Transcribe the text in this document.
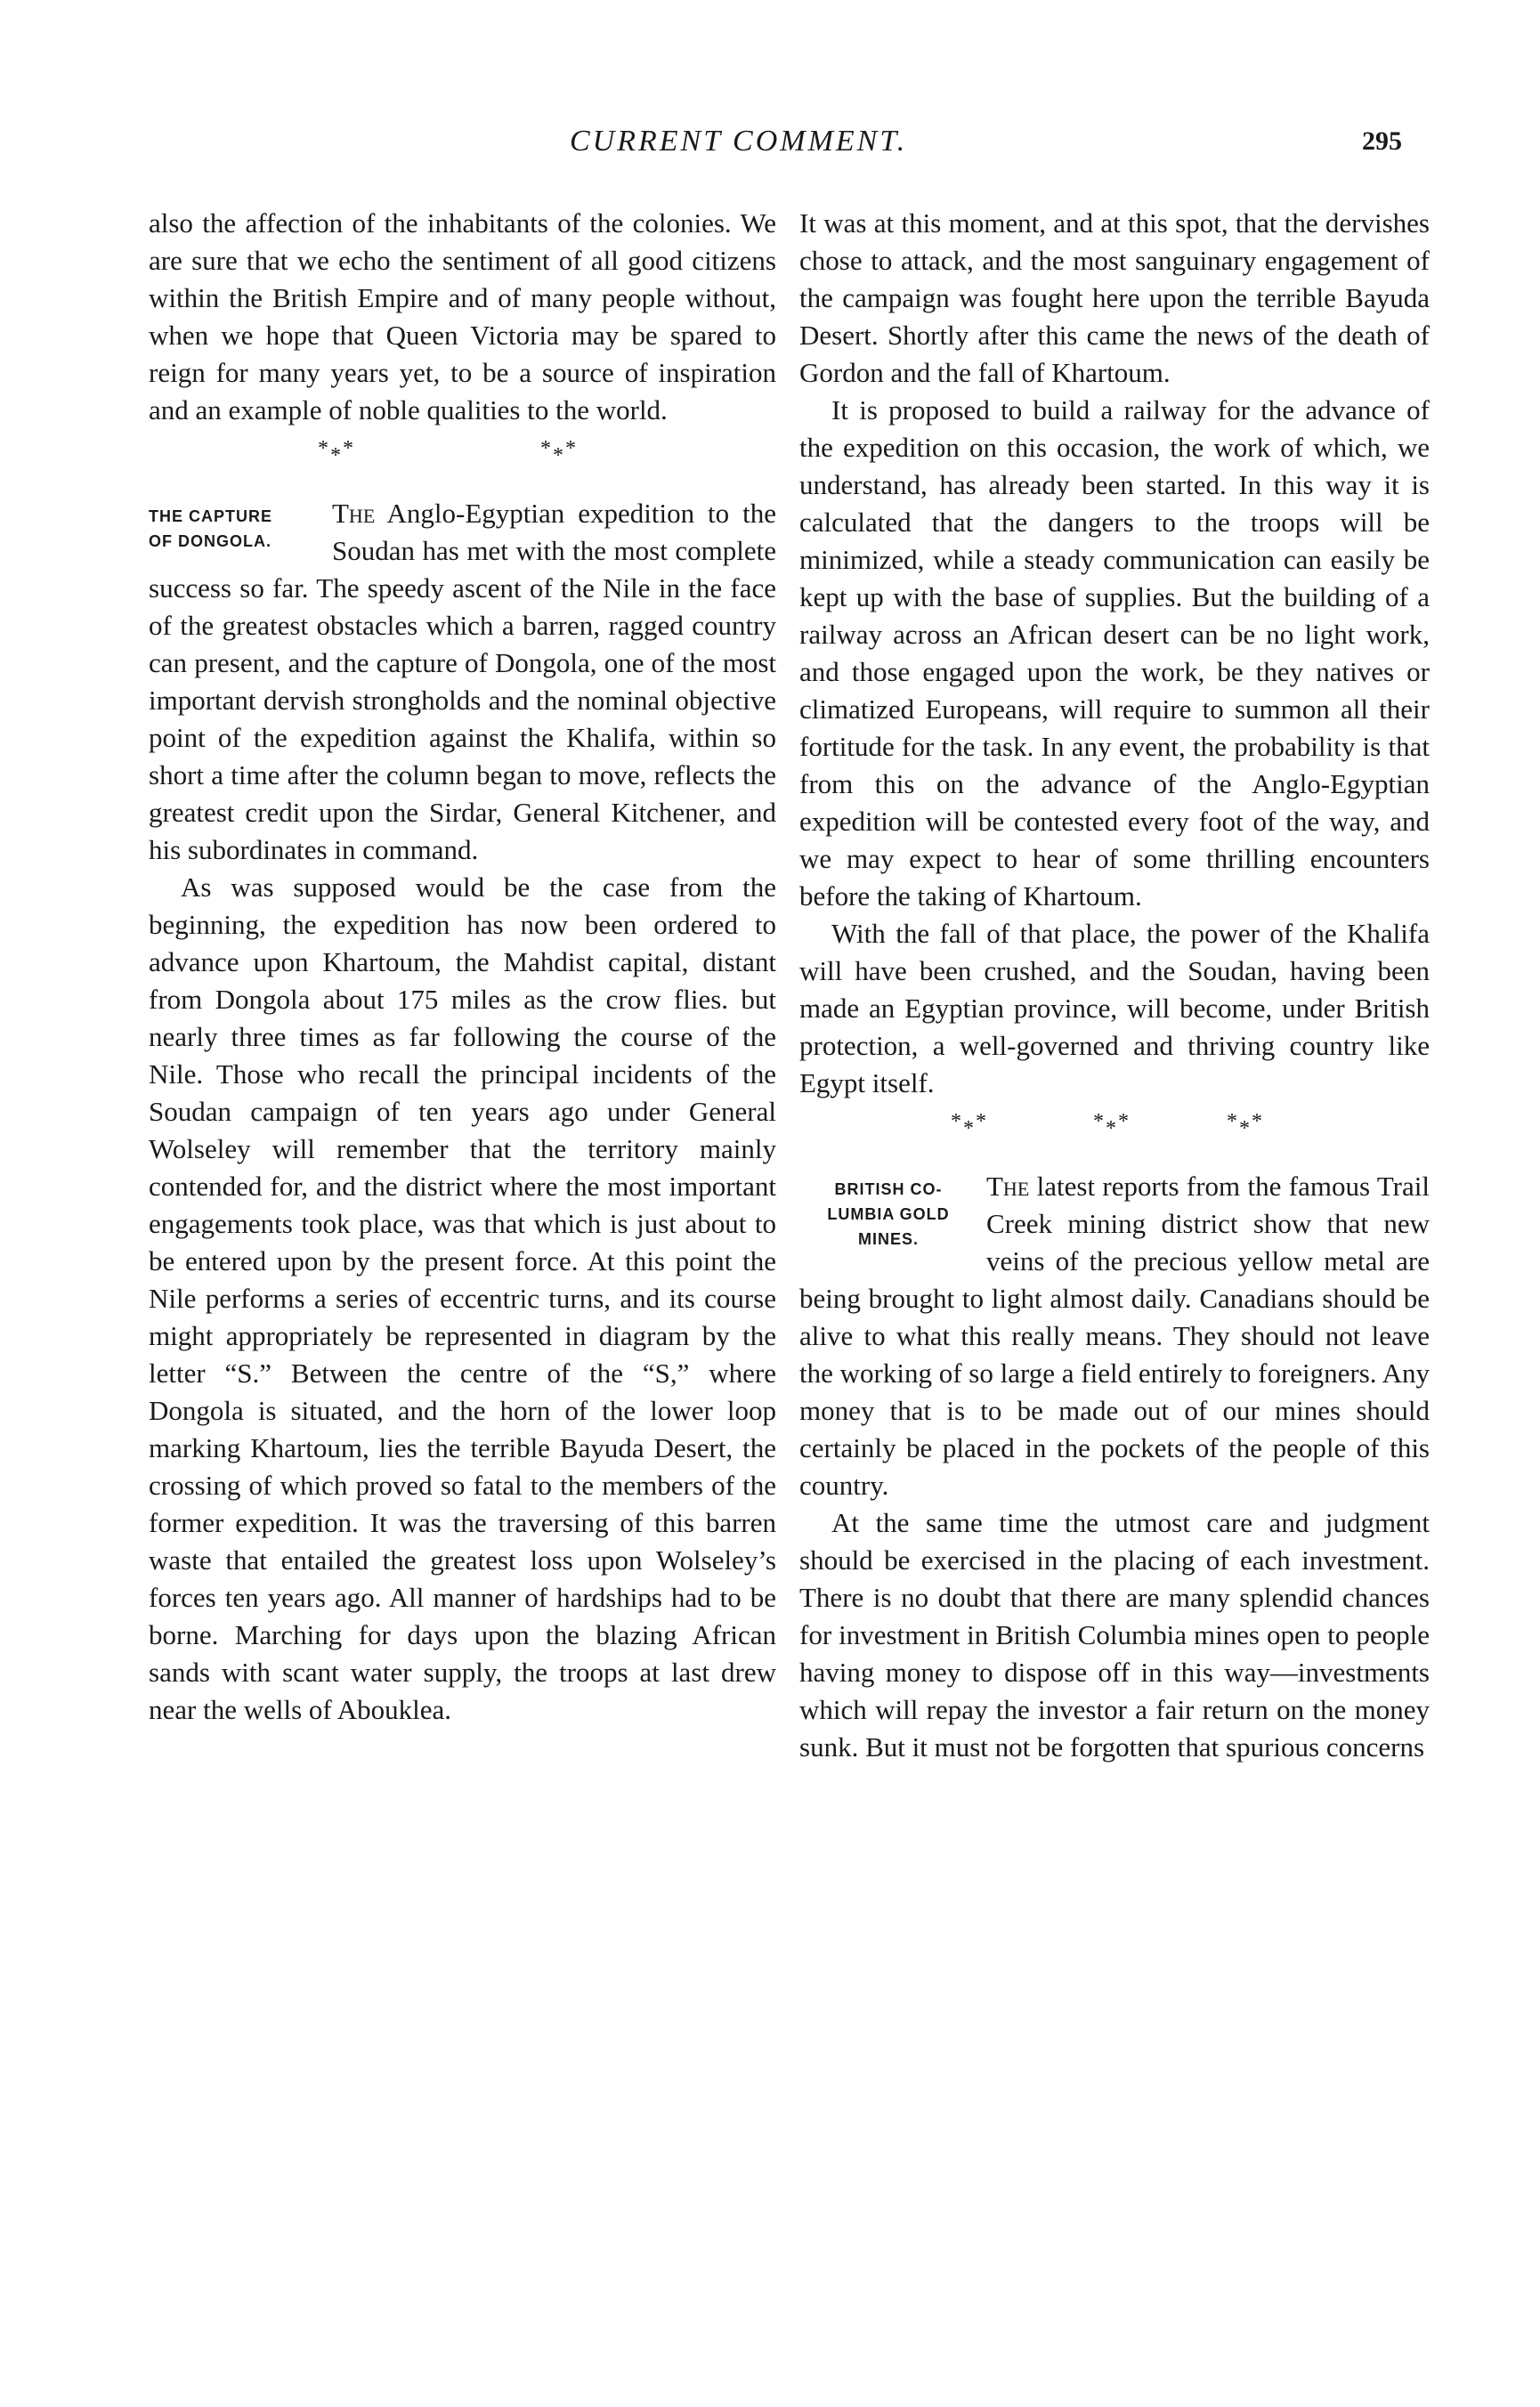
CURRENT COMMENT.	295

also the affection of the inhabitants of the colonies. We are sure that we echo the sentiment of all good citizens within the British Empire and of many people without, when we hope that Queen Victoria may be spared to reign for many years yet, to be a source of inspiration and an example of noble qualities to the world.

***	***
THE CAPTURE
OF DONGOLA.

The Anglo-Egyptian expedition to the Soudan has met with the most complete success so far. The speedy ascent of the Nile in the face of the greatest obstacles which a barren, ragged country can present, and the capture of Dongola, one of the most important dervish strongholds and the nominal objective point of the expedition against the Khalifa, within so short a time after the column began to move, reflects the greatest credit upon the Sirdar, General Kitchener, and his subordinates in command.

As was supposed would be the case from the beginning, the expedition has now been ordered to advance upon Khartoum, the Mahdist capital, distant from Dongola about 175 miles as the crow flies. but nearly three times as far following the course of the Nile. Those who recall the principal incidents of the Soudan campaign of ten years ago under General Wolseley will remember that the territory mainly contended for, and the district where the most important engagements took place, was that which is just about to be entered upon by the present force. At this point the Nile performs a series of eccentric turns, and its course might appropriately be represented in diagram by the letter “S.” Between the centre of the “S,” where Dongola is situated, and the horn of the lower loop marking Khartoum, lies the terrible Bayuda Desert, the crossing of which proved so fatal to the members of the former expedition. It was the traversing of this barren waste that entailed the greatest loss upon Wolseley’s forces ten years ago. All manner of hardships had to be borne. Marching for days upon the blazing African sands with scant water supply, the troops at last drew near the wells of Abouklea.

It was at this moment, and at this spot, that the dervishes chose to attack, and the most sanguinary engagement of the campaign was fought here upon the terrible Bayuda Desert. Shortly after this came the news of the death of Gordon and the fall of Khartoum.

It is proposed to build a railway for the advance of the expedition on this occasion, the work of which, we understand, has already been started. In this way it is calculated that the dangers to the troops will be minimized, while a steady communication can easily be kept up with the base of supplies. But the building of a railway across an African desert can be no light work, and those engaged upon the work, be they natives or climatized Europeans, will require to summon all their fortitude for the task. In any event, the probability is that from this on the advance of the Anglo-Egyptian expedition will be contested every foot of the way, and we may expect to hear of some thrilling encounters before the taking of Khartoum.

With the fall of that place, the power of the Khalifa will have been crushed, and the Soudan, having been made an Egyptian province, will become, under British protection, a well-governed and thriving country like Egypt itself.

***	***	***
BRITISH CO-
LUMBIA GOLD
MINES.

The latest reports from the famous Trail Creek mining district show that new veins of the precious yellow metal are being brought to light almost daily. Canadians should be alive to what this really means. They should not leave the working of so large a field entirely to foreigners. Any money that is to be made out of our mines should certainly be placed in the pockets of the people of this country.

At the same time the utmost care and judgment should be exercised in the placing of each investment. There is no doubt that there are many splendid chances for investment in British Columbia mines open to people having money to dispose off in this way—investments which will repay the investor a fair return on the money sunk. But it must not be forgotten that spurious concerns
